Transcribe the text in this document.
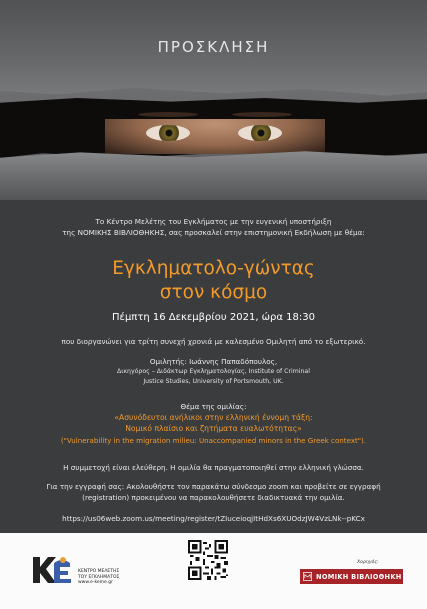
ΠΡΟΣΚΛΗΣΗ
Το Κέντρο Μελέτης του Εγκλήματος με την ευγενική υποστήριξη
της ΝΟΜΙΚΗΣ ΒΙΒΛΙΟΘΗΚΗΣ, σας προσκαλεί στην επιστημονική Εκδήλωση με θέμα:
Εγκληματολο-γώντας
στον κόσμο
Πέμπτη 16 Δεκεμβρίου 2021, ώρα 18:30
που διοργανώνει για τρίτη συνεχή χρονιά με καλεσμένο Ομιλητή από το εξωτερικό.
Ομιλητής: Ιωάννης Παπαδόπουλος,
Δικηγόρος – Διδάκτωρ Εγκληματολογίας, Institute of Criminal
Justice Studies, University of Portsmouth, UK.
Θέμα της ομιλίας:
«Ασυνόδευτοι ανήλικοι στην ελληνική έννομη τάξη:
Νομικό πλαίσιο και ζητήματα ευαλωτότητας»
("Vulnerability in the migration milieu: Unaccompanied minors in the Greek context").
Η συμμετοχή είναι ελεύθερη. Η ομιλία θα πραγματοποιηθεί στην ελληνική γλώσσα.
Για την εγγραφή σας: Ακολουθήστε τον παρακάτω σύνδεσμο zoom και προβείτε σε εγγραφή
(registration) προκειμένου να παρακολουθήσετε διαδικτυακά την ομιλία.
https://us06web.zoom.us/meeting/register/tZIuceioqjItHdXs6XUOdzJW4VzLNk--pKCx
ΚΕΝΤΡΟ ΜΕΛΕΤΗΣ
ΤΟΥ ΕΓΚΛΗΜΑΤΟΣ
www.e-keme.gr
Χορηγός:
ΝΟΜΙΚΗ ΒΙΒΛΙΟΘΗΚΗ
